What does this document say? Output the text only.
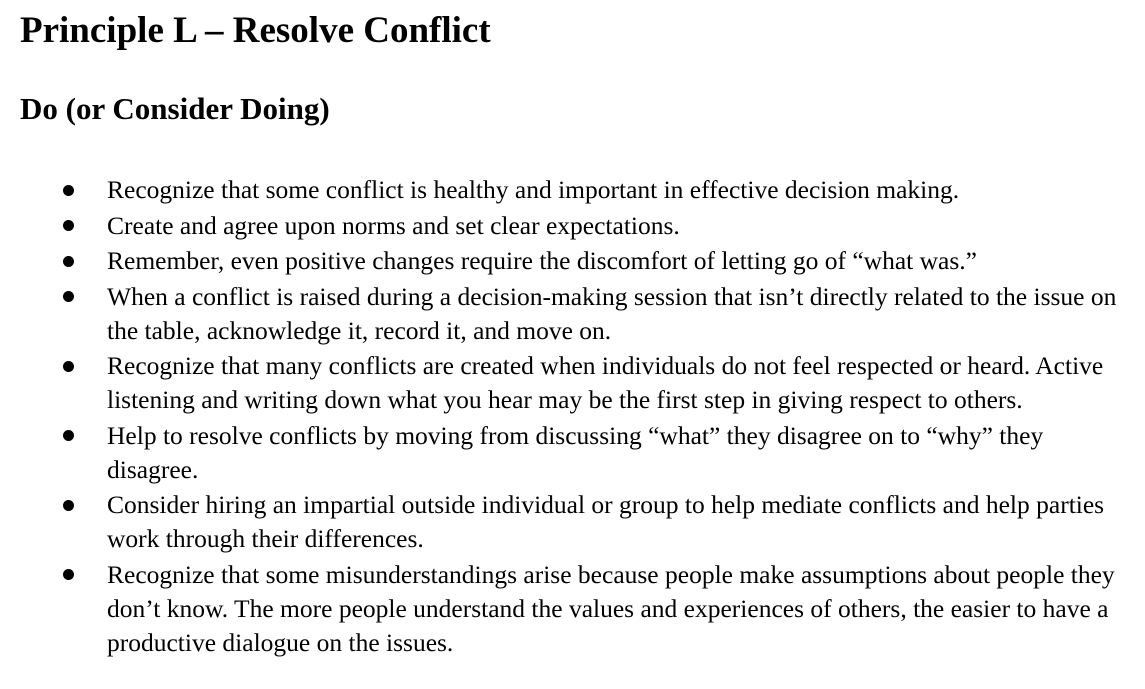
Principle L – Resolve Conflict
Do (or Consider Doing)
Recognize that some conflict is healthy and important in effective decision making.
Create and agree upon norms and set clear expectations.
Remember, even positive changes require the discomfort of letting go of “what was.”
When a conflict is raised during a decision-making session that isn’t directly related to the issue on the table, acknowledge it, record it, and move on.
Recognize that many conflicts are created when individuals do not feel respected or heard. Active listening and writing down what you hear may be the first step in giving respect to others.
Help to resolve conflicts by moving from discussing “what” they disagree on to “why” they disagree.
Consider hiring an impartial outside individual or group to help mediate conflicts and help parties work through their differences.
Recognize that some misunderstandings arise because people make assumptions about people they don’t know. The more people understand the values and experiences of others, the easier to have a productive dialogue on the issues.
